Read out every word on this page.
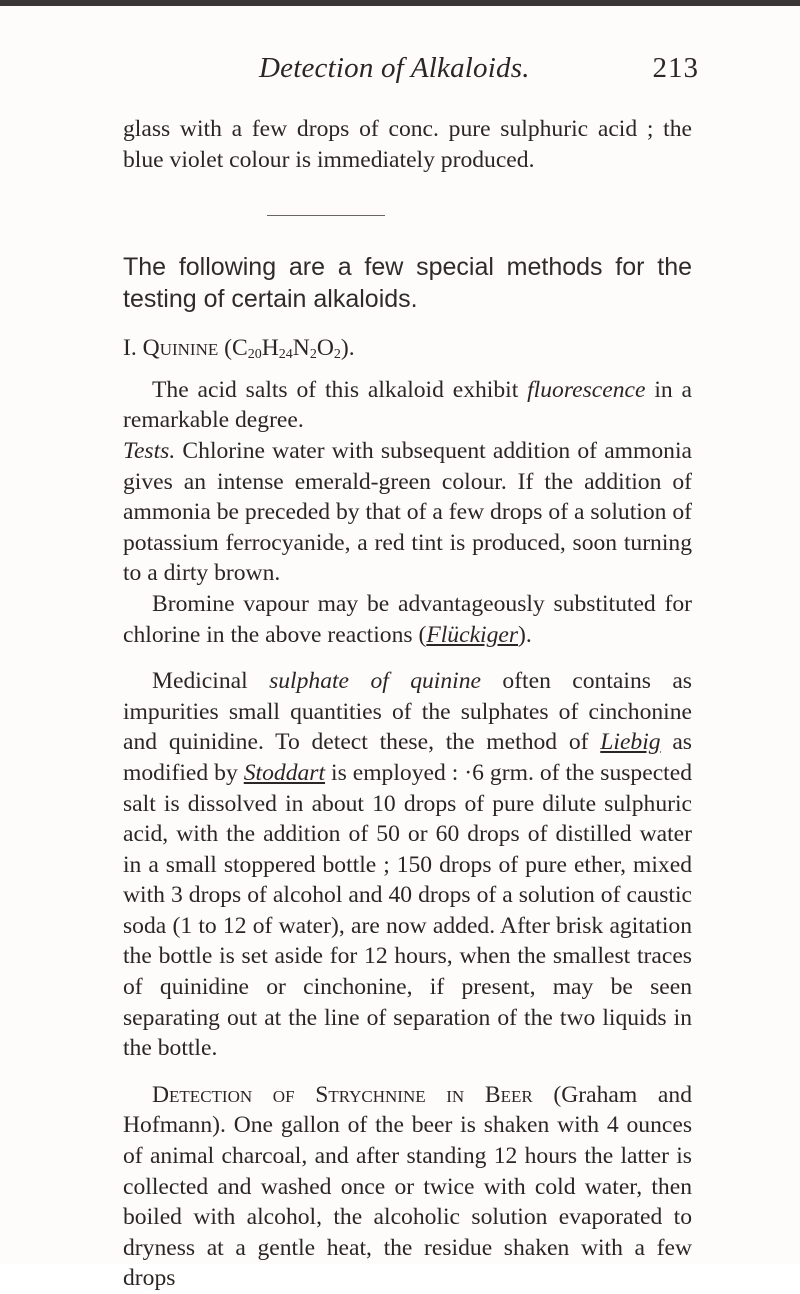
Detection of Alkaloids.	213

glass with a few drops of conc. pure sulphuric acid ; the blue violet colour is immediately produced.

The following are a few special methods for the testing of certain alkaloids.

I. Quinine $(C_{20}H_{24}N_2O_2)$.

The acid salts of this alkaloid exhibit fluorescence in a remarkable degree.

Tests. Chlorine water with subsequent addition of ammonia gives an intense emerald-green colour. If the addition of ammonia be preceded by that of a few drops of a solution of potassium ferrocyanide, a red tint is produced, soon turning to a dirty brown.

Bromine vapour may be advantageously substituted for chlorine in the above reactions (Flückiger).

Medicinal sulphate of quinine often contains as impurities small quantities of the sulphates of cinchonine and quinidine. To detect these, the method of Liebig as modified by Stoddart is employed : ·6 grm. of the suspected salt is dissolved in about 10 drops of pure dilute sulphuric acid, with the addition of 50 or 60 drops of distilled water in a small stoppered bottle ; 150 drops of pure ether, mixed with 3 drops of alcohol and 40 drops of a solution of caustic soda (1 to 12 of water), are now added. After brisk agitation the bottle is set aside for 12 hours, when the smallest traces of quinidine or cinchonine, if present, may be seen separating out at the line of separation of the two liquids in the bottle.

Detection of Strychnine in Beer (Graham and Hofmann). One gallon of the beer is shaken with 4 ounces of animal charcoal, and after standing 12 hours the latter is collected and washed once or twice with cold water, then boiled with alcohol, the alcoholic solution evaporated to dryness at a gentle heat, the residue shaken with a few drops
